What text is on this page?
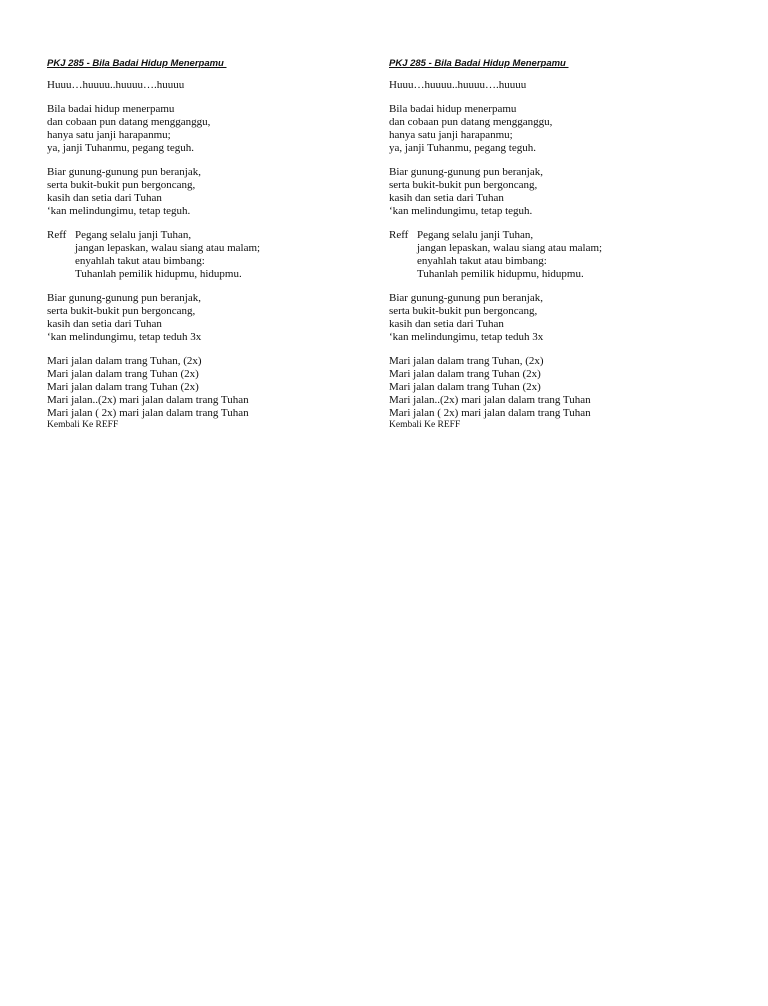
PKJ 285 - Bila Badai Hidup Menerpamu
Huuu…huuuu..huuuu….huuuu
Bila badai hidup menerpamu
dan cobaan pun datang mengganggu,
hanya satu janji harapanmu;
ya, janji Tuhanmu, pegang teguh.
Biar gunung-gunung pun beranjak,
serta bukit-bukit pun bergoncang,
kasih dan setia dari Tuhan
‘kan melindungimu, tetap teguh.
Reff Pegang selalu janji Tuhan,
jangan lepaskan, walau siang atau malam;
enyahlah takut atau bimbang:
Tuhanlah pemilik hidupmu, hidupmu.
Biar gunung-gunung pun beranjak,
serta bukit-bukit pun bergoncang,
kasih dan setia dari Tuhan
‘kan melindungimu, tetap teduh 3x
Mari jalan dalam trang Tuhan, (2x)
Mari jalan dalam trang Tuhan (2x)
Mari jalan dalam trang Tuhan (2x)
Mari jalan..(2x) mari jalan dalam trang Tuhan
Mari jalan ( 2x) mari jalan dalam trang Tuhan
Kembali Ke REFF
PKJ 285 - Bila Badai Hidup Menerpamu
Huuu…huuuu..huuuu….huuuu
Bila badai hidup menerpamu
dan cobaan pun datang mengganggu,
hanya satu janji harapanmu;
ya, janji Tuhanmu, pegang teguh.
Biar gunung-gunung pun beranjak,
serta bukit-bukit pun bergoncang,
kasih dan setia dari Tuhan
‘kan melindungimu, tetap teguh.
Reff Pegang selalu janji Tuhan,
jangan lepaskan, walau siang atau malam;
enyahlah takut atau bimbang:
Tuhanlah pemilik hidupmu, hidupmu.
Biar gunung-gunung pun beranjak,
serta bukit-bukit pun bergoncang,
kasih dan setia dari Tuhan
‘kan melindungimu, tetap teduh 3x
Mari jalan dalam trang Tuhan, (2x)
Mari jalan dalam trang Tuhan (2x)
Mari jalan dalam trang Tuhan (2x)
Mari jalan..(2x) mari jalan dalam trang Tuhan
Mari jalan ( 2x) mari jalan dalam trang Tuhan
Kembali Ke REFF
